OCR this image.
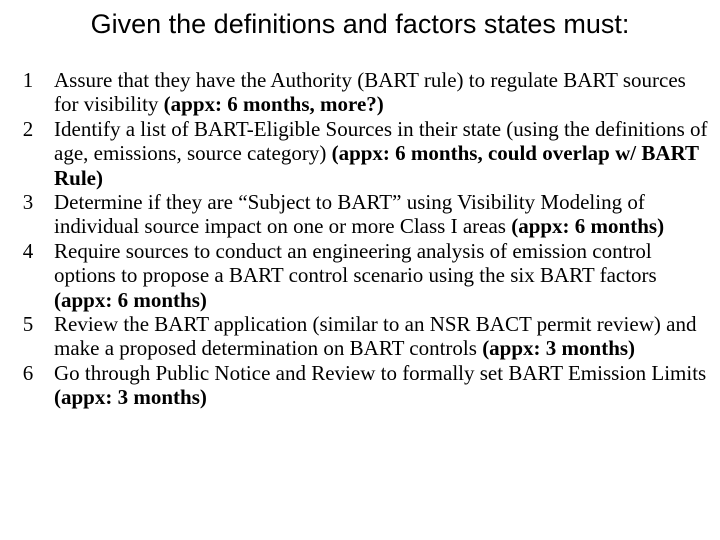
Given the definitions and factors states must:
1 Assure that they have the Authority (BART rule) to regulate BART sources for visibility (appx: 6 months, more?)
2 Identify a list of BART-Eligible Sources in their state (using the definitions of age, emissions, source category) (appx: 6 months, could overlap w/ BART Rule)
3 Determine if they are “Subject to BART” using Visibility Modeling of individual source impact on one or more Class I areas (appx: 6 months)
4 Require sources to conduct an engineering analysis of emission control options to propose a BART control scenario using the six BART factors (appx: 6 months)
5 Review the BART application (similar to an NSR BACT permit review) and make a proposed determination on BART controls (appx: 3 months)
6 Go through Public Notice and Review to formally set BART Emission Limits (appx: 3 months)
